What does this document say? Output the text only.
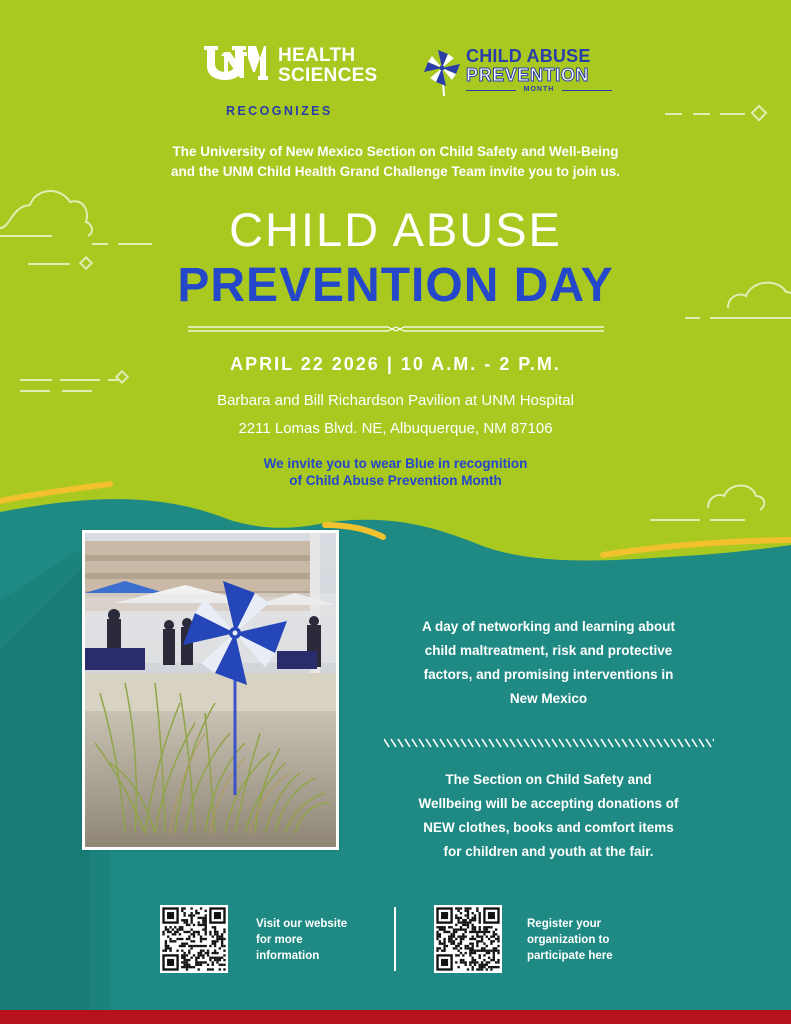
HEALTH
SCIENCES
RECOGNIZES
CHILD ABUSE
PREVENTION
MONTH
The University of New Mexico Section on Child Safety and Well-Being
and the UNM Child Health Grand Challenge Team invite you to join us.
CHILD ABUSE
PREVENTION DAY
APRIL 22 2026 | 10 A.M. - 2 P.M.
Barbara and Bill Richardson Pavilion at UNM Hospital
2211 Lomas Blvd. NE, Albuquerque, NM 87106
We invite you to wear Blue in recognition
of Child Abuse Prevention Month
A day of networking and learning about
child maltreatment, risk and protective
factors, and promising interventions in
New Mexico
The Section on Child Safety and
Wellbeing will be accepting donations of
NEW clothes, books and comfort items
for children and youth at the fair.
Visit our website
for more
information
Register your
organization to
participate here
